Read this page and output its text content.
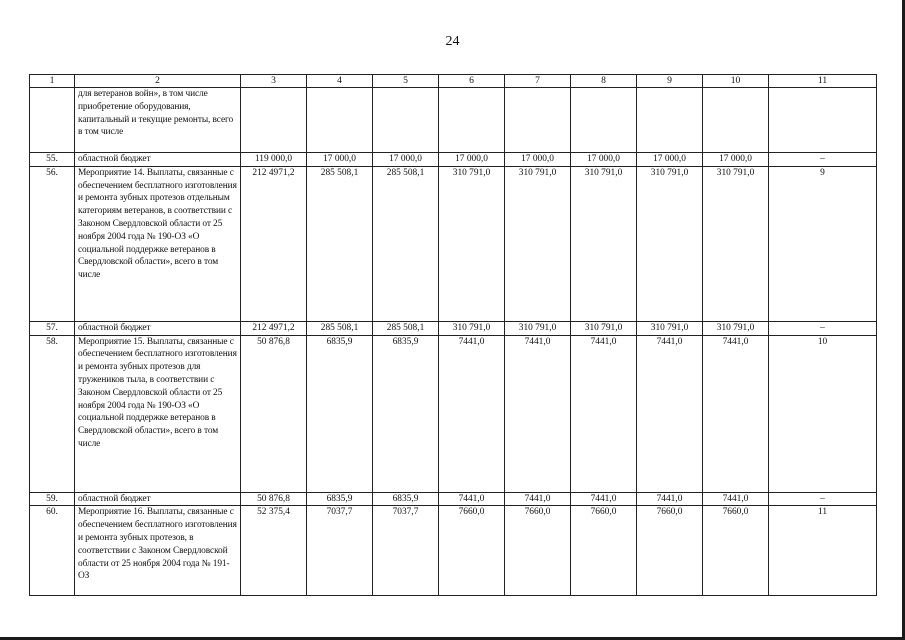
24
1	2	3	4	5	6	7	8	9	10	11
	для ветеранов войн», в том числе приобретение оборудования, капитальный и текущие ремонты, всего в том числе									
55.	областной бюджет	119 000,0	17 000,0	17 000,0	17 000,0	17 000,0	17 000,0	17 000,0	17 000,0	–
56.	Мероприятие 14. Выплаты, связанные с обеспечением бесплатного изготовления и ремонта зубных протезов отдельным категориям ветеранов, в соответствии с Законом Свердловской области от 25 ноября 2004 года № 190-ОЗ «О социальной поддержке ветеранов в Свердловской области», всего в том числе	212 4971,2	285 508,1	285 508,1	310 791,0	310 791,0	310 791,0	310 791,0	310 791,0	9
57.	областной бюджет	212 4971,2	285 508,1	285 508,1	310 791,0	310 791,0	310 791,0	310 791,0	310 791,0	–
58.	Мероприятие 15. Выплаты, связанные с обеспечением бесплатного изготовления и ремонта зубных протезов для тружеников тыла, в соответствии с Законом Свердловской области от 25 ноября 2004 года № 190-ОЗ «О социальной поддержке ветеранов в Свердловской области», всего в том числе	50 876,8	6835,9	6835,9	7441,0	7441,0	7441,0	7441,0	7441,0	10
59.	областной бюджет	50 876,8	6835,9	6835,9	7441,0	7441,0	7441,0	7441,0	7441,0	–
60.	Мероприятие 16. Выплаты, связанные с обеспечением бесплатного изготовления и ремонта зубных протезов, в соответствии с Законом Свердловской области от 25 ноября 2004 года № 191-ОЗ	52 375,4	7037,7	7037,7	7660,0	7660,0	7660,0	7660,0	7660,0	11
